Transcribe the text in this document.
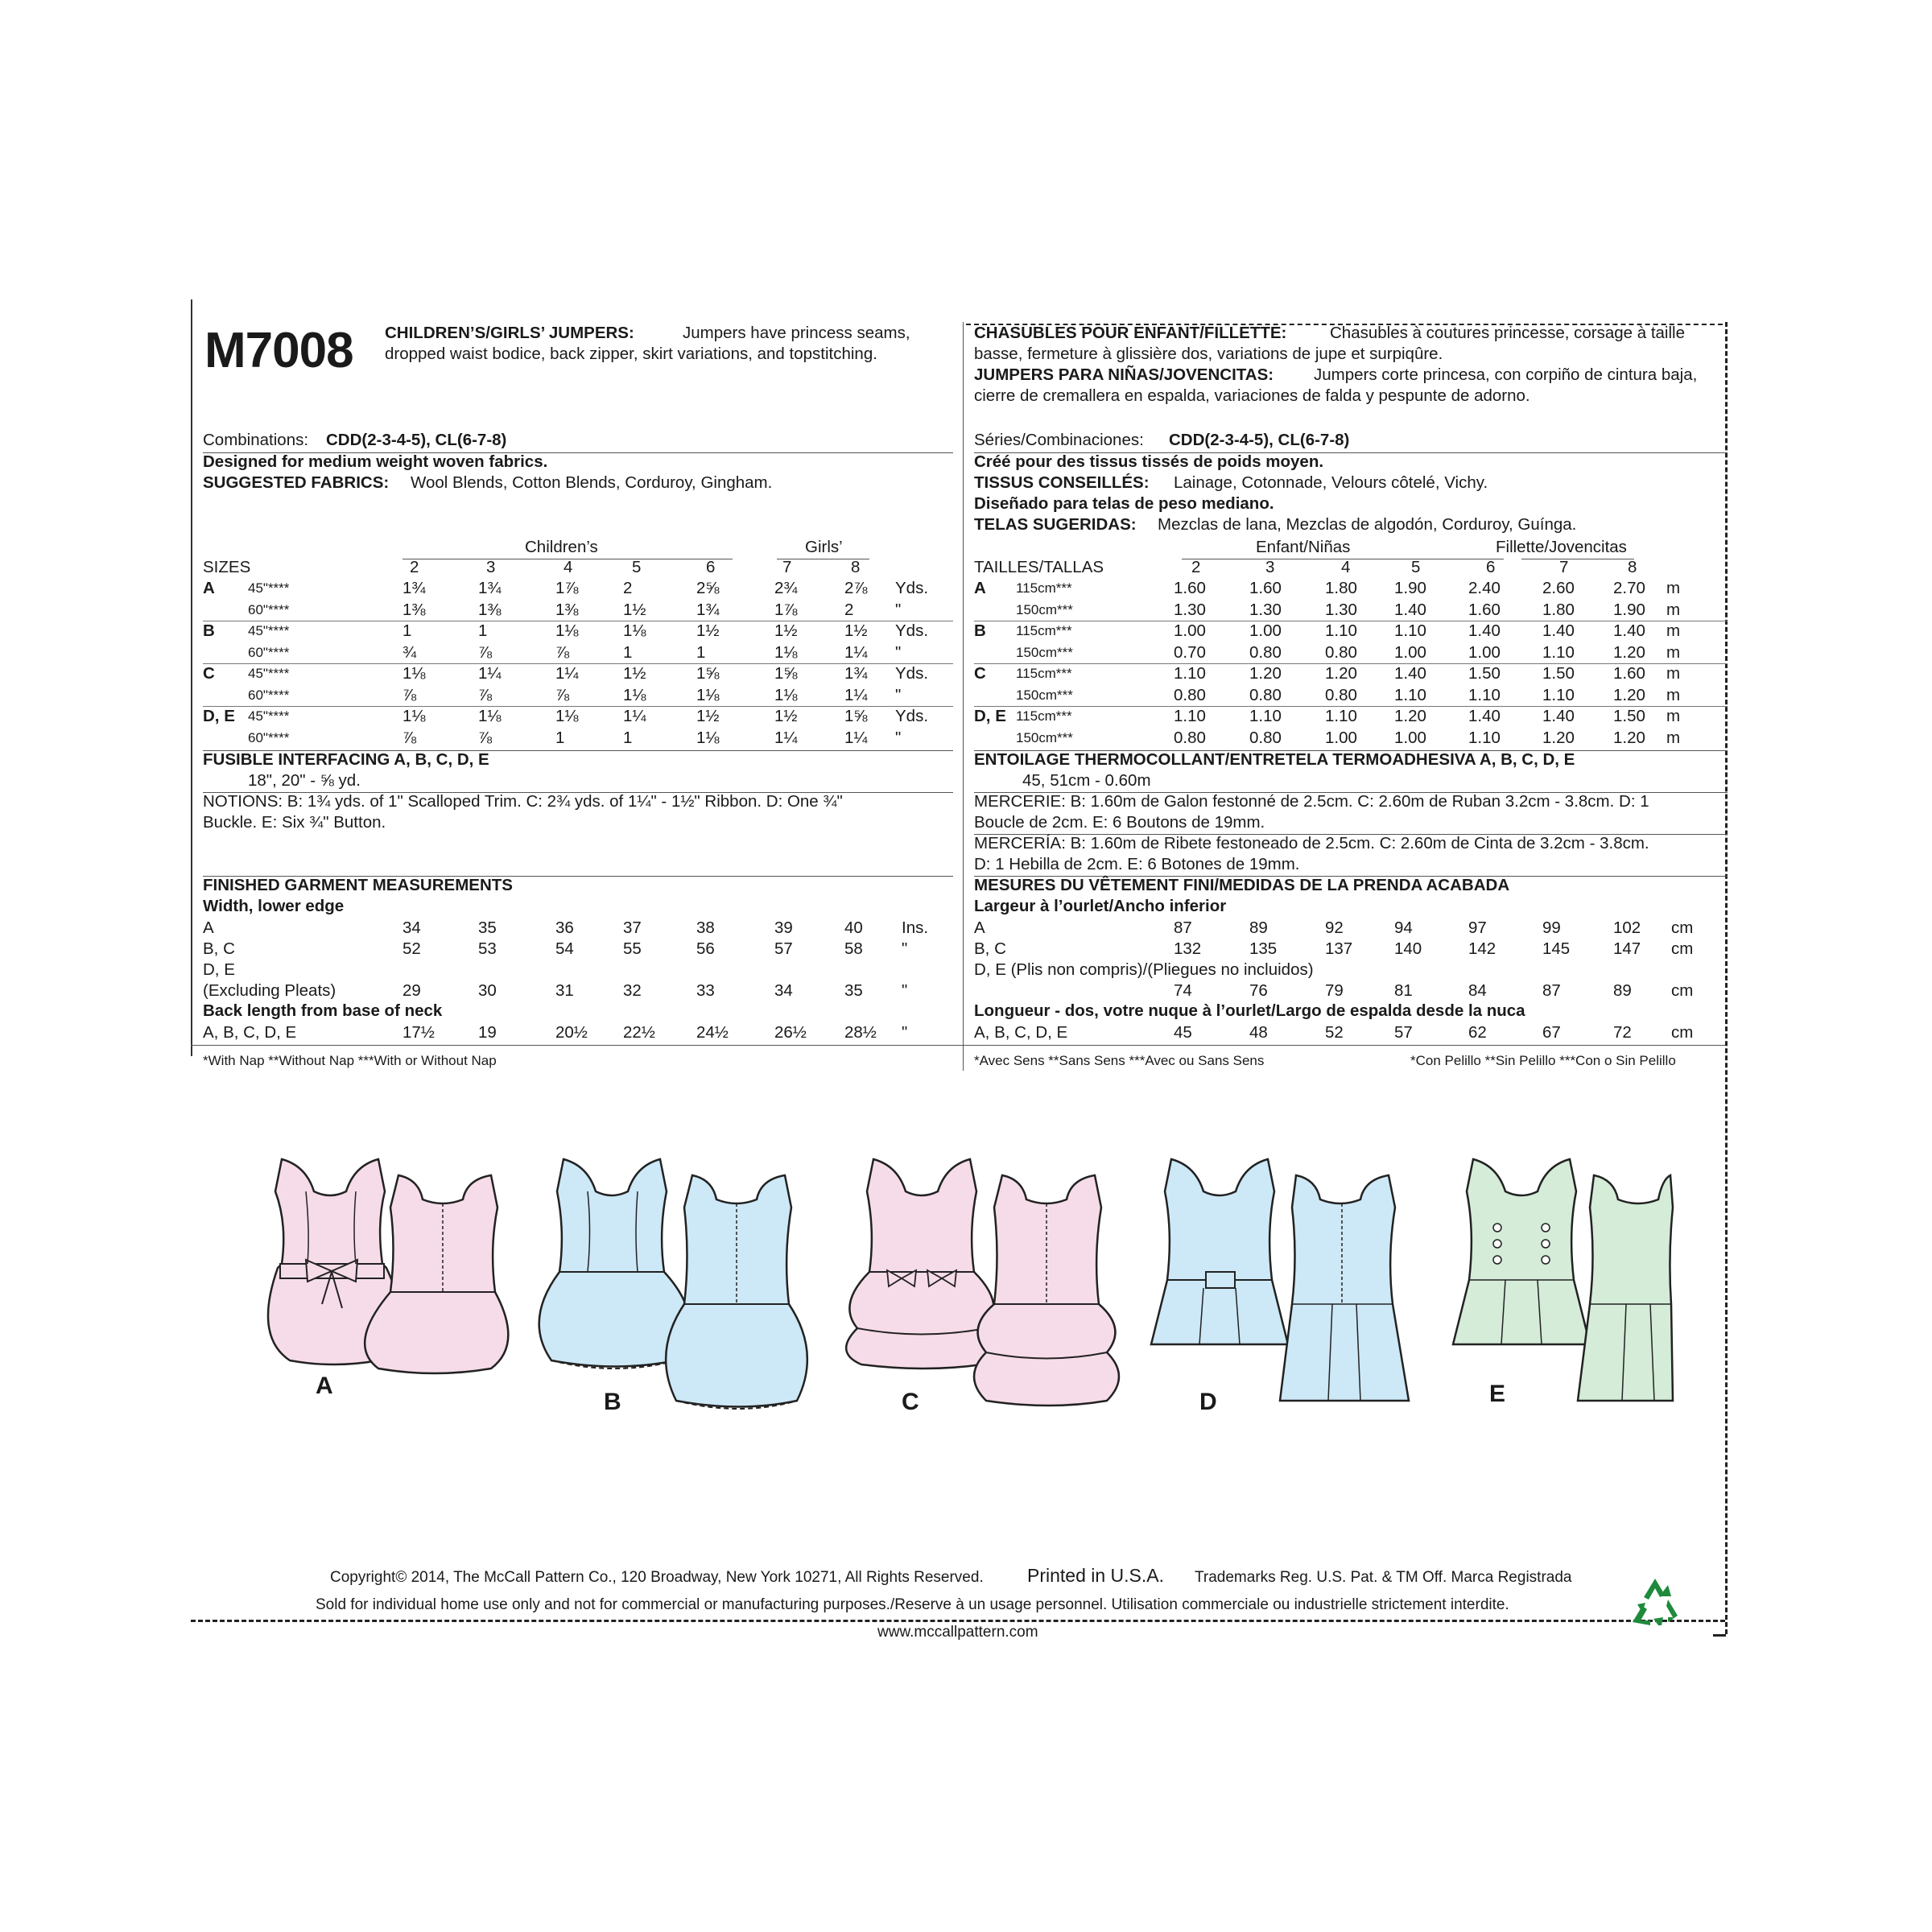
M7008 CHILDREN’S/GIRLS’ JUMPERS:	Jumpers have princess seams,
dropped waist bodice, back zipper, skirt variations, and topstitching.
Combinations: CDD(2-3-4-5), CL(6-7-8)
Designed for medium weight woven fabrics.
SUGGESTED FABRICS: Wool Blends, Cotton Blends, Corduroy, Gingham.
Children’s	Girls’
SIZES	2	3	4	5	6	7	8
A 45"****	1¾	1¾	1⅞	2	2⅝	2¾	2⅞ Yds.
60"****	1⅜	1⅜	1⅜	1½	1¾	1⅞	2	"
B 45"****	1	1	1⅛	1⅛	1½	1½	1½ Yds.
60"****	¾	⅞	⅞	1	1	1⅛	1¼ "
C 45"****	1⅛	1¼	1¼	1½	1⅝	1⅝	1¾ Yds.
60"****	⅞	⅞	⅞	1⅛	1⅛	1⅛	1¼ "
D, E 45"****	1⅛	1⅛	1⅛	1¼	1½	1½	1⅝ Yds.
60"****	⅞	⅞	1	1	1⅛	1¼	1¼ "
FUSIBLE INTERFACING A, B, C, D, E
18", 20" - ⅝ yd.
NOTIONS: B: 1¾ yds. of 1" Scalloped Trim. C: 2¾ yds. of 1¼" - 1½" Ribbon. D: One ¾"
Buckle. E: Six ¾" Button.
FINISHED GARMENT MEASUREMENTS
Width, lower edge
A	34	35	36	37	38	39	40 Ins.
B, C	52	53	54	55	56	57	58 "
D, E
(Excluding Pleats)	29	30	31	32	33	34	35 "
Back length from base of neck
A, B, C, D, E	17½	19	20½ 22½ 24½	26½ 28½ "
*With Nap **Without Nap ***With or Without Nap
CHASUBLES POUR ENFANT/FILLETTE:	Chasubles à coutures princesse, corsage à taille
basse, fermeture à glissière dos, variations de jupe et surpiqûre.
JUMPERS PARA NIÑAS/JOVENCITAS: Jumpers corte princesa, con corpiño de cintura baja,
cierre de cremallera en espalda, variaciones de falda y pespunte de adorno.
Séries/Combinaciones: CDD(2-3-4-5), CL(6-7-8)
Créé pour des tissus tissés de poids moyen.
TISSUS CONSEILLÉS: Lainage, Cotonnade, Velours côtelé, Vichy.
Diseñado para telas de peso mediano.
TELAS SUGERIDAS: Mezclas de lana, Mezclas de algodón, Corduroy, Guínga.
Enfant/Niñas	Fillette/Jovencitas
TAILLES/TALLAS	2	3	4	5	6	7	8
A 115cm***	1.60	1.60	1.80 1.90	2.40	2.60 2.70 m
150cm***	1.30	1.30	1.30 1.40	1.60	1.80 1.90 m
B 115cm***	1.00	1.00	1.10 1.10	1.40	1.40 1.40 m
150cm***	0.70	0.80	0.80 1.00	1.00	1.10 1.20 m
C 115cm***	1.10	1.20	1.20 1.40	1.50	1.50 1.60 m
150cm***	0.80	0.80	0.80 1.10	1.10	1.10 1.20 m
D, E 115cm***	1.10	1.10	1.10 1.20	1.40	1.40 1.50 m
150cm***	0.80	0.80	1.00 1.00	1.10	1.20 1.20 m
ENTOILAGE THERMOCOLLANT/ENTRETELA TERMOADHESIVA A, B, C, D, E
45, 51cm - 0.60m
MERCERIE: B: 1.60m de Galon festonné de 2.5cm. C: 2.60m de Ruban 3.2cm - 3.8cm. D: 1
Boucle de 2cm. E: 6 Boutons de 19mm.
MERCERÍA: B: 1.60m de Ribete festoneado de 2.5cm. C: 2.60m de Cinta de 3.2cm - 3.8cm.
D: 1 Hebilla de 2cm. E: 6 Botones de 19mm.
MESURES DU VÊTEMENT FINI/MEDIDAS DE LA PRENDA ACABADA
Largeur à l’ourlet/Ancho inferior
A	87	89	92	94	97	99	102 cm
B, C	132	135	137	140	142	145	147 cm
D, E (Plis non compris)/(Pliegues no incluidos)
74	76	79	81	84	87	89 cm
Longueur - dos, votre nuque à l’ourlet/Largo de espalda desde la nuca
A, B, C, D, E	45	48	52	57	62	67	72 cm
*Avec Sens **Sans Sens ***Avec ou Sans Sens	*Con Pelillo **Sin Pelillo ***Con o Sin Pelillo
A
B	C	D	E
Copyright© 2014, The McCall Pattern Co., 120 Broadway, New York 10271, All Rights Reserved. Printed in U.S.A. Trademarks Reg. U.S. Pat. & TM Off. Marca Registrada
Sold for individual home use only and not for commercial or manufacturing purposes./Reserve à un usage personnel. Utilisation commerciale ou industrielle strictement interdite.
www.mccallpattern.com
